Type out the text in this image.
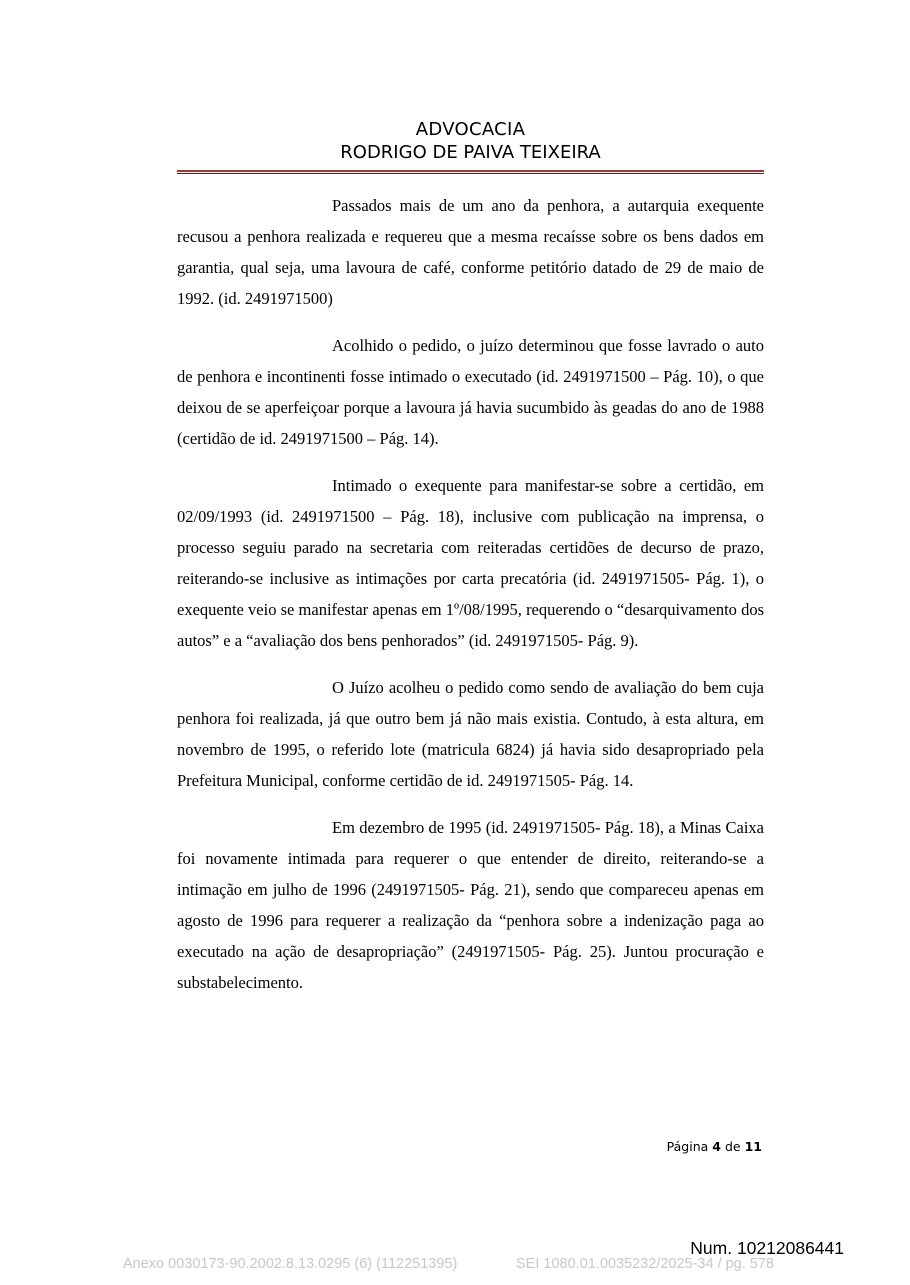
ADVOCACIA
RODRIGO DE PAIVA TEIXEIRA

Passados mais de um ano da penhora, a autarquia exequente recusou a penhora realizada e requereu que a mesma recaísse sobre os bens dados em garantia, qual seja, uma lavoura de café, conforme petitório datado de 29 de maio de 1992. (id. 2491971500)

Acolhido o pedido, o juízo determinou que fosse lavrado o auto de penhora e incontinenti fosse intimado o executado (id. 2491971500 – Pág. 10), o que deixou de se aperfeiçoar porque a lavoura já havia sucumbido às geadas do ano de 1988 (certidão de id. 2491971500 – Pág. 14).

Intimado o exequente para manifestar-se sobre a certidão, em 02/09/1993 (id. 2491971500 – Pág. 18), inclusive com publicação na imprensa, o processo seguiu parado na secretaria com reiteradas certidões de decurso de prazo, reiterando-se inclusive as intimações por carta precatória (id. 2491971505- Pág. 1), o exequente veio se manifestar apenas em 1º/08/1995, requerendo o “desarquivamento dos autos” e a “avaliação dos bens penhorados” (id. 2491971505- Pág. 9).

O Juízo acolheu o pedido como sendo de avaliação do bem cuja penhora foi realizada, já que outro bem já não mais existia. Contudo, à esta altura, em novembro de 1995, o referido lote (matricula 6824) já havia sido desapropriado pela Prefeitura Municipal, conforme certidão de id. 2491971505- Pág. 14.

Em dezembro de 1995 (id. 2491971505- Pág. 18), a Minas Caixa foi novamente intimada para requerer o que entender de direito, reiterando-se a intimação em julho de 1996 (2491971505- Pág. 21), sendo que compareceu apenas em agosto de 1996 para requerer a realização da “penhora sobre a indenização paga ao executado na ação de desapropriação” (2491971505- Pág. 25). Juntou procuração e substabelecimento.

Página 4 de 11
Num. 10212086441
Anexo 0030173-90.2002.8.13.0295 (6) (112251395)	SEI 1080.01.0035232/2025-34 / pg. 578
